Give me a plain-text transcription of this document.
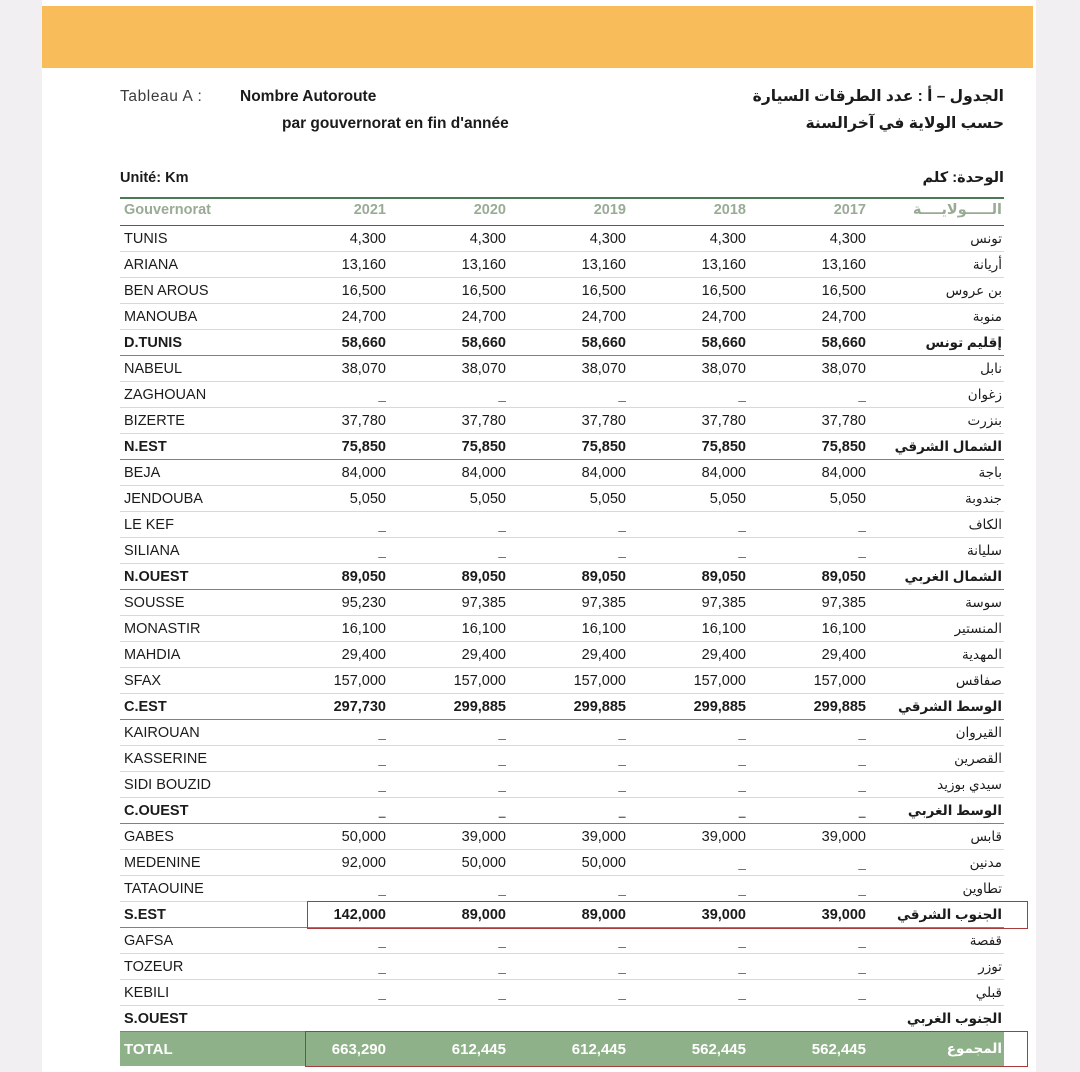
Tableau A : Nombre Autoroute
par gouvernorat en fin d'année
الجدول – أ : عدد الطرقات السيارة
حسب الولاية في آخرالسنة
Unité: Km	الوحدة: كلم
Gouvernorat	2021	2020	2019	2018	2017	الـــــولايــــة
TUNIS	4,300	4,300	4,300	4,300	4,300	تونس
ARIANA	13,160	13,160	13,160	13,160	13,160	أريانة
BEN AROUS	16,500	16,500	16,500	16,500	16,500	بن عروس
MANOUBA	24,700	24,700	24,700	24,700	24,700	منوبة
D.TUNIS	58,660	58,660	58,660	58,660	58,660	إقليم تونس
NABEUL	38,070	38,070	38,070	38,070	38,070	نابل
ZAGHOUAN	–	–	–	–	–	زغوان
BIZERTE	37,780	37,780	37,780	37,780	37,780	بنزرت
N.EST	75,850	75,850	75,850	75,850	75,850	الشمال الشرقي
BEJA	84,000	84,000	84,000	84,000	84,000	باجة
JENDOUBA	5,050	5,050	5,050	5,050	5,050	جندوبة
LE KEF	–	–	–	–	–	الكاف
SILIANA	–	–	–	–	–	سليانة
N.OUEST	89,050	89,050	89,050	89,050	89,050	الشمال الغربي
SOUSSE	95,230	97,385	97,385	97,385	97,385	سوسة
MONASTIR	16,100	16,100	16,100	16,100	16,100	المنستير
MAHDIA	29,400	29,400	29,400	29,400	29,400	المهدية
SFAX	157,000	157,000	157,000	157,000	157,000	صفاقس
C.EST	297,730	299,885	299,885	299,885	299,885	الوسط الشرقي
KAIROUAN	–	–	–	–	–	القيروان
KASSERINE	–	–	–	–	–	القصرين
SIDI BOUZID	–	–	–	–	–	سيدي بوزيد
C.OUEST	–	–	–	–	–	الوسط الغربي
GABES	50,000	39,000	39,000	39,000	39,000	قابس
MEDENINE	92,000	50,000	50,000	–	–	مدنين
TATAOUINE	–	–	–	–	–	تطاوين
S.EST	142,000	89,000	89,000	39,000	39,000	الجنوب الشرقي
GAFSA	–	–	–	–	–	قفصة
TOZEUR	–	–	–	–	–	توزر
KEBILI	–	–	–	–	–	قبلي
S.OUEST						الجنوب الغربي
TOTAL	663,290	612,445	612,445	562,445	562,445	المجموع
